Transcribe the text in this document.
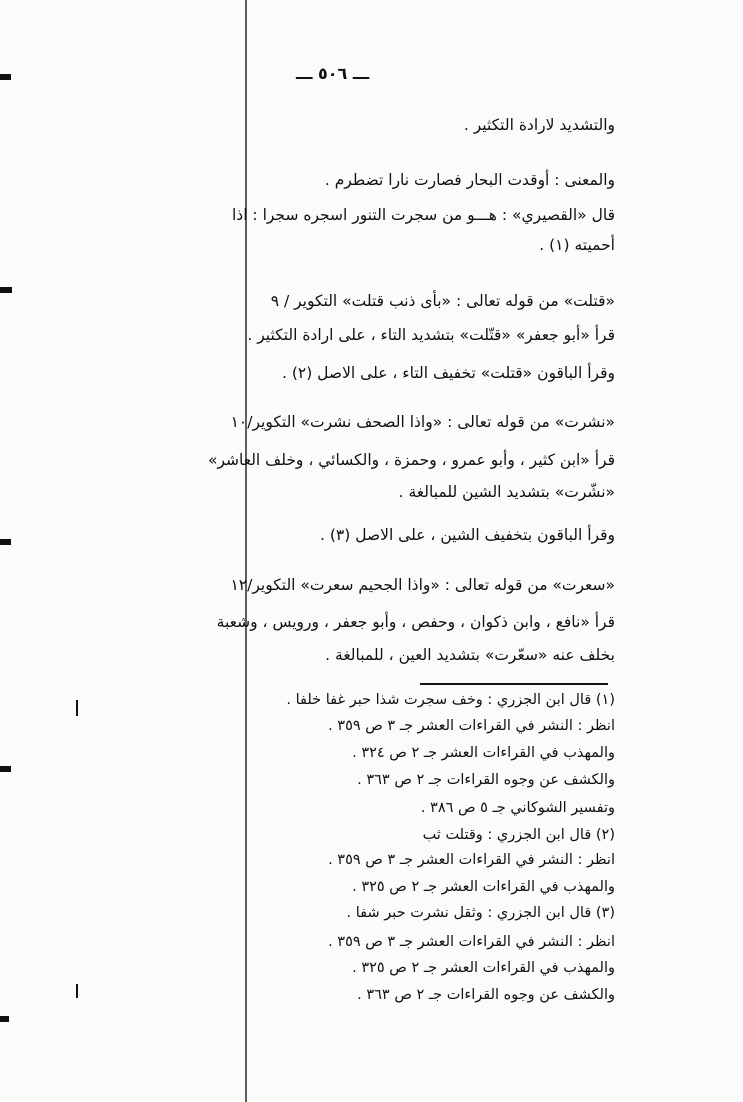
ـــ ٥٠٦ ـــ
والتشديد لارادة التكثير .
والمعنى : أوقدت البحار فصارت نارا تضطرم .
قال «القصيري» : هـــو من سجرت التنور اسجره سجرا : اذا
أحميته (١) .
«قتلت» من قوله تعالى : «بأى ذنب قتلت» التكوير / ٩
قرأ «أبو جعفر» «قتّلت» بتشديد التاء ، على ارادة التكثير .
وقرأ الباقون «قتلت» تخفيف التاء ، على الاصل (٢) .
«نشرت» من قوله تعالى : «واذا الصحف نشرت» التكوير/١٠
قرأ «ابن كثير ، وأبو عمرو ، وحمزة ، والكسائي ، وخلف العاشر»
«نشّرت» بتشديد الشين للمبالغة .
وقرأ الباقون بتخفيف الشين ، على الاصل (٣) .
«سعرت» من قوله تعالى : «واذا الجحيم سعرت» التكوير/١٢
قرأ «نافع ، وابن ذكوان ، وحفص ، وأبو جعفر ، ورويس ، وشعبة
بخلف عنه «سعّرت» بتشديد العين ، للمبالغة .
(١) قال ابن الجزري : وخف سجرت شذا حبر غفا خلفا .
انظر : النشر في القراءات العشر جـ ٣ ص ٣٥٩ .
والمهذب في القراءات العشر جـ ٢ ص ٣٢٤ .
والكشف عن وجوه القراءات جـ ٢ ص ٣٦٣ .
وتفسير الشوكاني جـ ٥ ص ٣٨٦ .
(٢) قال ابن الجزري : وقتلت ثب
انظر : النشر في القراءات العشر جـ ٣ ص ٣٥٩ .
والمهذب في القراءات العشر جـ ٢ ص ٣٢٥ .
(٣) قال ابن الجزري : وثقل نشرت حبر شفا .
انظر : النشر في القراءات العشر جـ ٣ ص ٣٥٩ .
والمهذب في القراءات العشر جـ ٢ ص ٣٢٥ .
والكشف عن وجوه القراءات جـ ٢ ص ٣٦٣ .
